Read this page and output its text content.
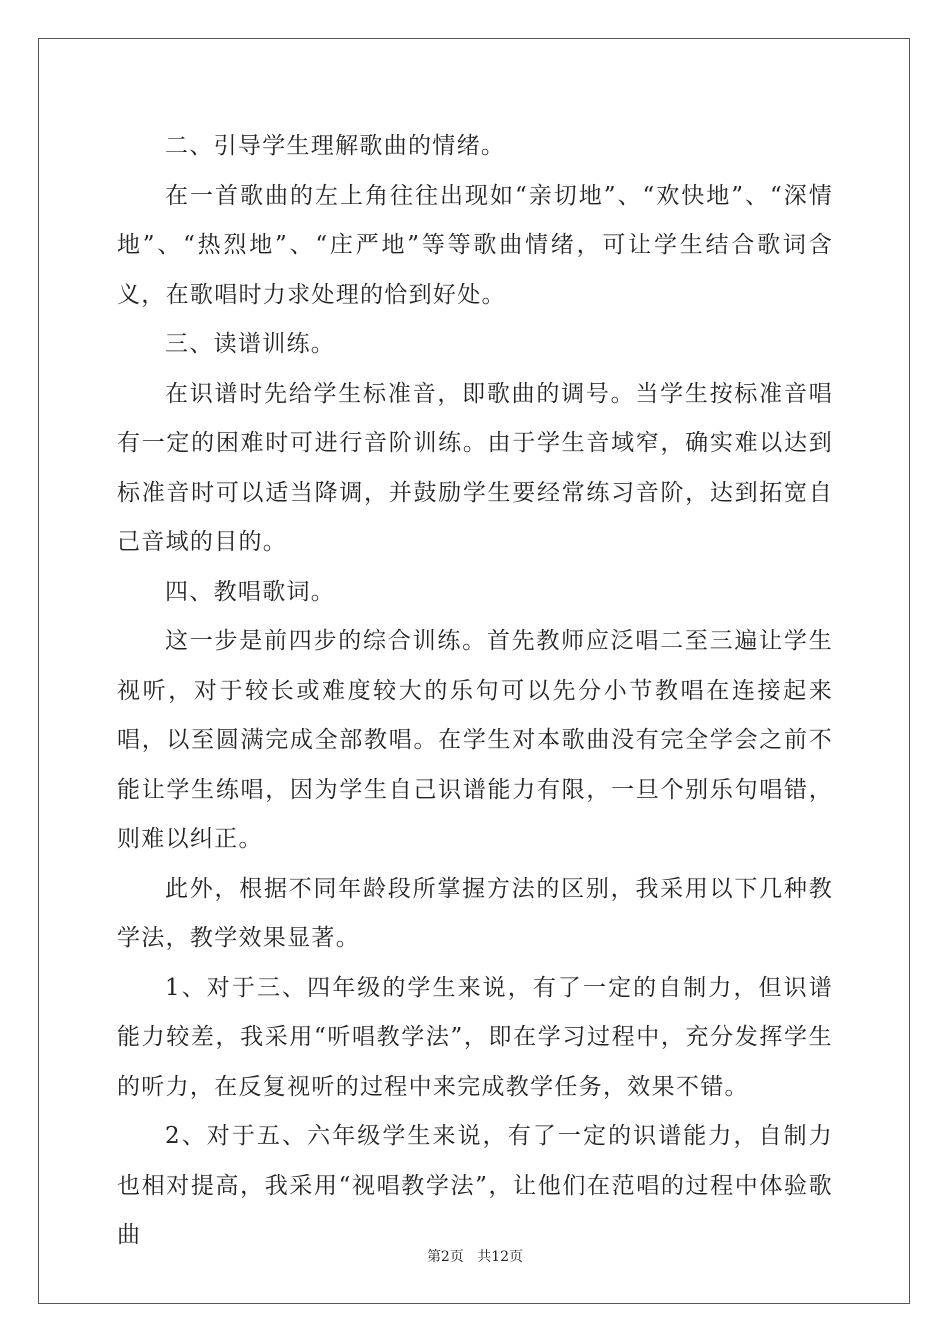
二、引导学生理解歌曲的情绪。

在一首歌曲的左上角往往出现如“亲切地”、“欢快地”、“深情地”、“热烈地”、“庄严地”等等歌曲情绪，可让学生结合歌词含义，在歌唱时力求处理的恰到好处。

三、读谱训练。

在识谱时先给学生标准音，即歌曲的调号。当学生按标准音唱有一定的困难时可进行音阶训练。由于学生音域窄，确实难以达到标准音时可以适当降调，并鼓励学生要经常练习音阶，达到拓宽自己音域的目的。

四、教唱歌词。

这一步是前四步的综合训练。首先教师应泛唱二至三遍让学生视听，对于较长或难度较大的乐句可以先分小节教唱在连接起来唱，以至圆满完成全部教唱。在学生对本歌曲没有完全学会之前不能让学生练唱，因为学生自己识谱能力有限，一旦个别乐句唱错，则难以纠正。

此外，根据不同年龄段所掌握方法的区别，我采用以下几种教学法，教学效果显著。

1、对于三、四年级的学生来说，有了一定的自制力，但识谱能力较差，我采用“听唱教学法”，即在学习过程中，充分发挥学生的听力，在反复视听的过程中来完成教学任务，效果不错。

2、对于五、六年级学生来说，有了一定的识谱能力，自制力也相对提高，我采用“视唱教学法”，让他们在范唱的过程中体验歌曲

第2页 共12页
